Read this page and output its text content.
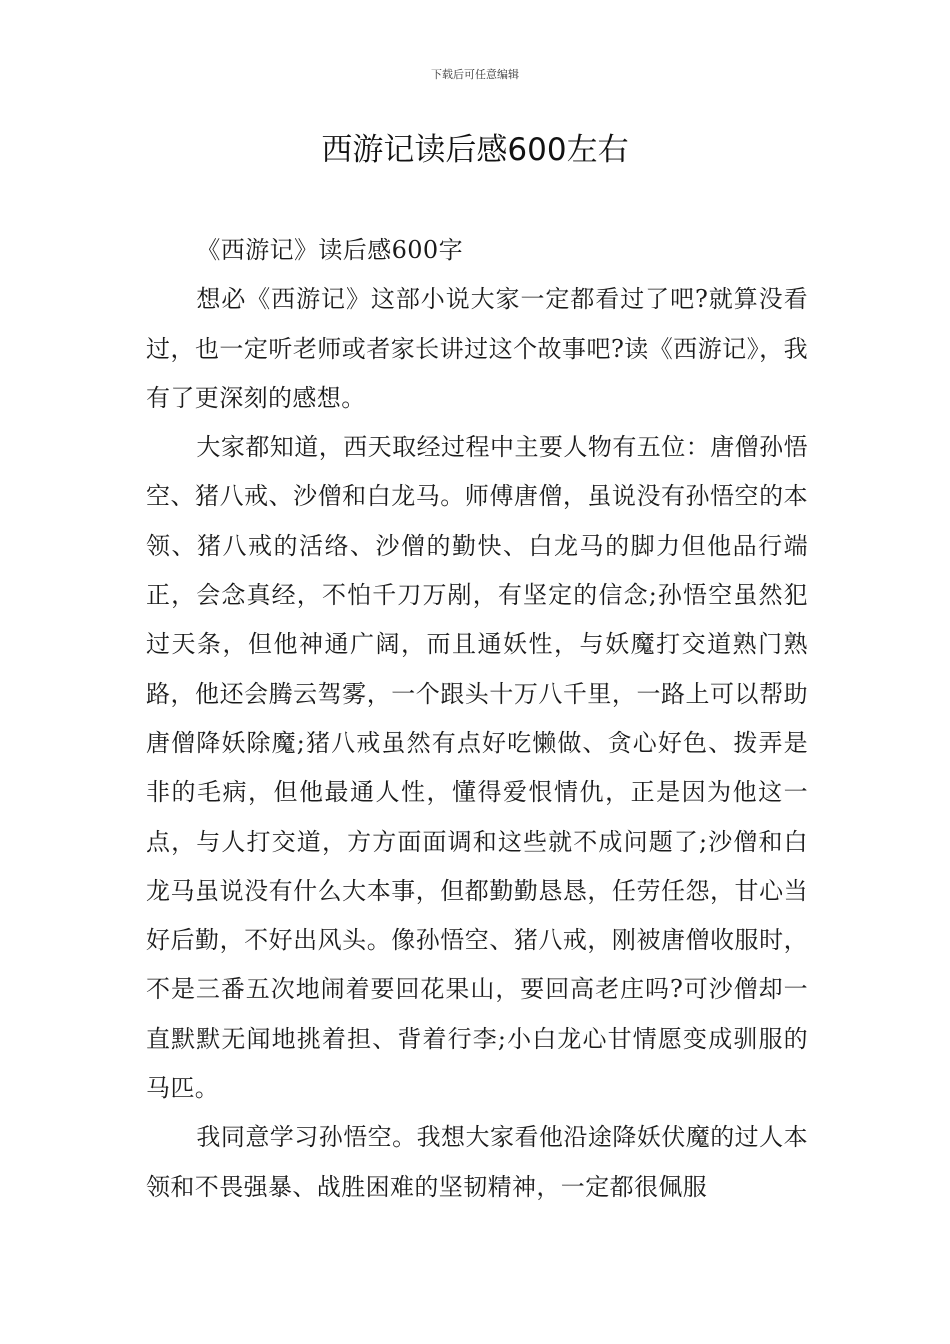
下载后可任意编辑
西游记读后感600左右

《西游记》读后感600字

想必《西游记》这部小说大家一定都看过了吧?就算没看过，也一定听老师或者家长讲过这个故事吧?读《西游记》，我有了更深刻的感想。

大家都知道，西天取经过程中主要人物有五位：唐僧孙悟空、猪八戒、沙僧和白龙马。师傅唐僧，虽说没有孙悟空的本领、猪八戒的活络、沙僧的勤快、白龙马的脚力但他品行端正，会念真经，不怕千刀万剐，有坚定的信念;孙悟空虽然犯过天条，但他神通广阔，而且通妖性，与妖魔打交道熟门熟路，他还会腾云驾雾，一个跟头十万八千里，一路上可以帮助唐僧降妖除魔;猪八戒虽然有点好吃懒做、贪心好色、拨弄是非的毛病，但他最通人性，懂得爱恨情仇，正是因为他这一点，与人打交道，方方面面调和这些就不成问题了;沙僧和白龙马虽说没有什么大本事，但都勤勤恳恳，任劳任怨，甘心当好后勤，不好出风头。像孙悟空、猪八戒，刚被唐僧收服时，不是三番五次地闹着要回花果山，要回高老庄吗?可沙僧却一直默默无闻地挑着担、背着行李;小白龙心甘情愿变成驯服的马匹。

我同意学习孙悟空。我想大家看他沿途降妖伏魔的过人本领和不畏强暴、战胜困难的坚韧精神，一定都很佩服
